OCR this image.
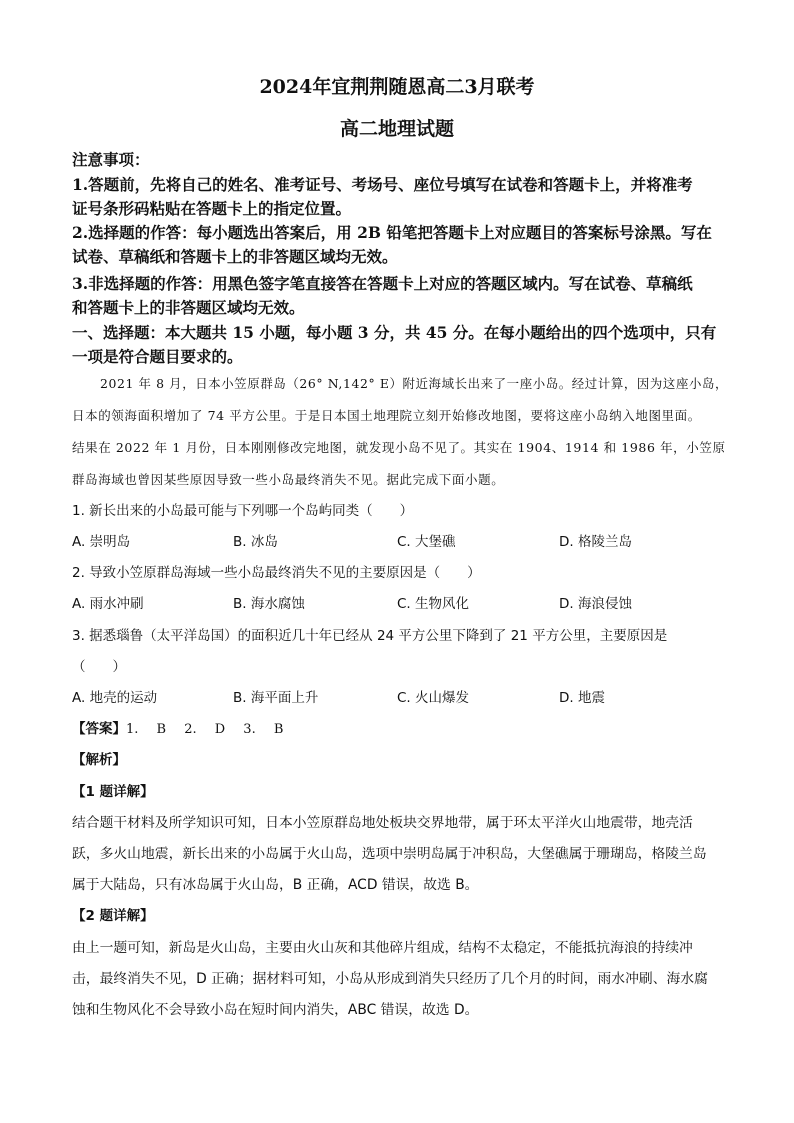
2024年宜荆荆随恩高二3月联考
高二地理试题
注意事项：
1.答题前，先将自己的姓名、准考证号、考场号、座位号填写在试卷和答题卡上，并将准考
证号条形码粘贴在答题卡上的指定位置。
2.选择题的作答：每小题选出答案后，用 2B 铅笔把答题卡上对应题目的答案标号涂黑。写在
试卷、草稿纸和答题卡上的非答题区域均无效。
3.非选择题的作答：用黑色签字笔直接答在答题卡上对应的答题区域内。写在试卷、草稿纸
和答题卡上的非答题区域均无效。
一、选择题：本大题共 15 小题，每小题 3 分，共 45 分。在每小题给出的四个选项中，只有
一项是符合题目要求的。
2021 年 8 月，日本小笠原群岛（26° N,142° E）附近海域长出来了一座小岛。经过计算，因为这座小岛，
日本的领海面积增加了 74 平方公里。于是日本国土地理院立刻开始修改地图，要将这座小岛纳入地图里面。
结果在 2022 年 1 月份，日本刚刚修改完地图，就发现小岛不见了。其实在 1904、1914 和 1986 年，小笠原
群岛海域也曾因某些原因导致一些小岛最终消失不见。据此完成下面小题。
1. 新长出来的小岛最可能与下列哪一个岛屿同类（　　）
A. 崇明岛	B. 冰岛	C. 大堡礁	D. 格陵兰岛
2. 导致小笠原群岛海域一些小岛最终消失不见的主要原因是（　　）
A. 雨水冲刷	B. 海水腐蚀	C. 生物风化	D. 海浪侵蚀
3. 据悉瑙鲁（太平洋岛国）的面积近几十年已经从 24 平方公里下降到了 21 平方公里，主要原因是
（　　）
A. 地壳的运动	B. 海平面上升	C. 火山爆发	D. 地震
【答案】1. B 2. D 3. B
【解析】
【1 题详解】
结合题干材料及所学知识可知，日本小笠原群岛地处板块交界地带，属于环太平洋火山地震带，地壳活
跃，多火山地震，新长出来的小岛属于火山岛，选项中崇明岛属于冲积岛，大堡礁属于珊瑚岛，格陵兰岛
属于大陆岛，只有冰岛属于火山岛，B 正确，ACD 错误，故选 B。
【2 题详解】
由上一题可知，新岛是火山岛，主要由火山灰和其他碎片组成，结构不太稳定，不能抵抗海浪的持续冲
击，最终消失不见，D 正确；据材料可知，小岛从形成到消失只经历了几个月的时间，雨水冲刷、海水腐
蚀和生物风化不会导致小岛在短时间内消失，ABC 错误，故选 D。
